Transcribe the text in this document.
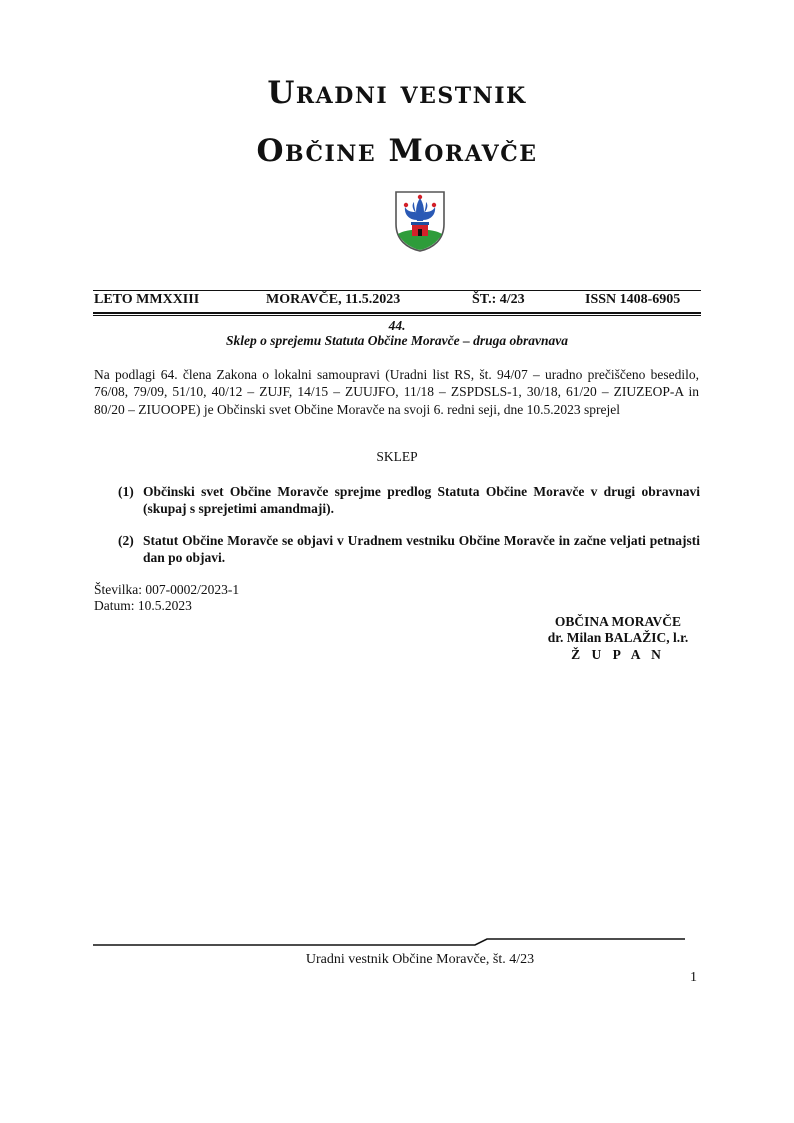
Uradni vestnik
Občine Moravče
LETO MMXXIII	MORAVČE, 11.5.2023	ŠT.: 4/23	ISSN 1408-6905
44.
Sklep o sprejemu Statuta Občine Moravče – druga obravnava
Na podlagi 64. člena Zakona o lokalni samoupravi (Uradni list RS, št. 94/07 – uradno prečiščeno besedilo, 76/08, 79/09, 51/10, 40/12 – ZUJF, 14/15 – ZUUJFO, 11/18 – ZSPDSLS-1, 30/18, 61/20 – ZIUZEOP-A in 80/20 – ZIUOOPE) je Občinski svet Občine Moravče na svoji 6. redni seji, dne 10.5.2023 sprejel
SKLEP
(1) Občinski svet Občine Moravče sprejme predlog Statuta Občine Moravče v drugi obravnavi (skupaj s sprejetimi amandmaji).
(2) Statut Občine Moravče se objavi v Uradnem vestniku Občine Moravče in začne veljati petnajsti dan po objavi.
Številka: 007-0002/2023-1
Datum: 10.5.2023
OBČINA MORAVČE
dr. Milan BALAŽIC, l.r.
Ž U P A N
Uradni vestnik Občine Moravče, št. 4/23
1
